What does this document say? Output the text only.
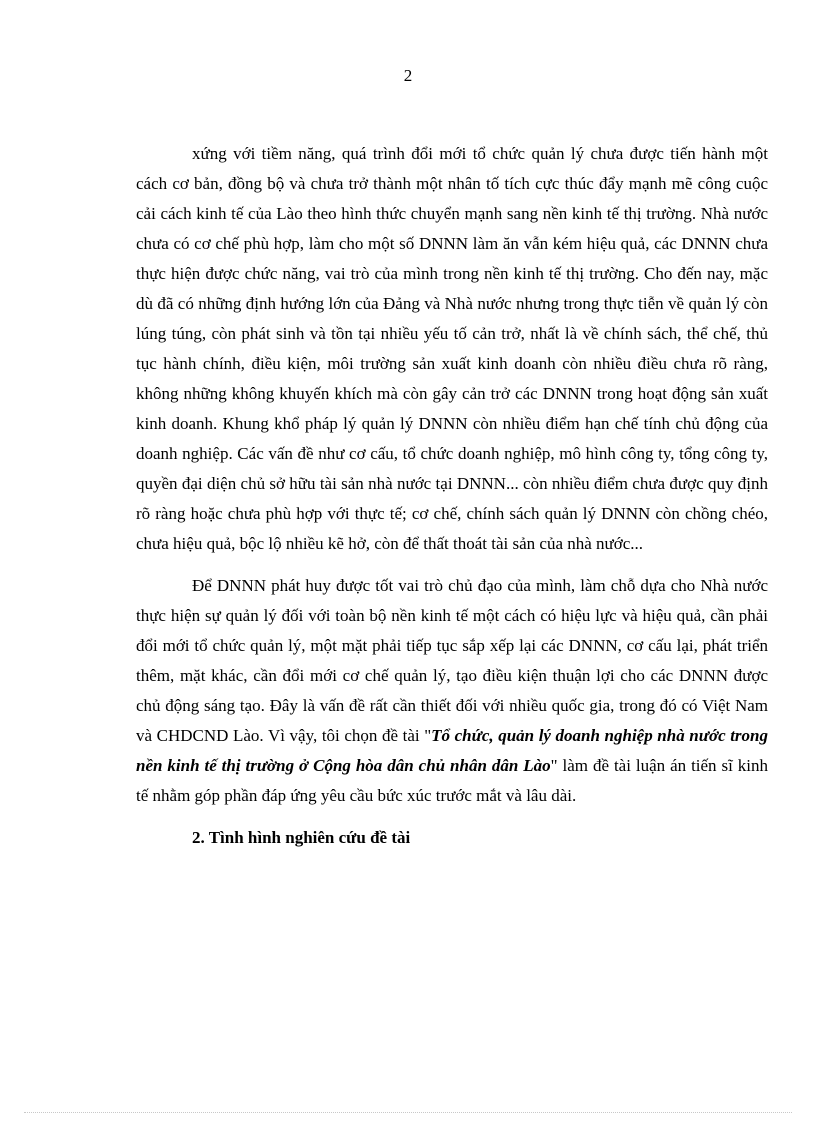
2

xứng với tiềm năng, quá trình đổi mới tổ chức quản lý chưa được tiến hành một cách cơ bản, đồng bộ và chưa trở thành một nhân tố tích cực thúc đẩy mạnh mẽ công cuộc cải cách kinh tế của Lào theo hình thức chuyển mạnh sang nền kinh tế thị trường. Nhà nước chưa có cơ chế phù hợp, làm cho một số DNNN làm ăn vẫn kém hiệu quả, các DNNN chưa thực hiện được chức năng, vai trò của mình trong nền kinh tế thị trường. Cho đến nay, mặc dù đã có những định hướng lớn của Đảng và Nhà nước nhưng trong thực tiễn về quản lý còn lúng túng, còn phát sinh và tồn tại nhiều yếu tố cản trở, nhất là về chính sách, thể chế, thủ tục hành chính, điều kiện, môi trường sản xuất kinh doanh còn nhiều điều chưa rõ ràng, không những không khuyến khích mà còn gây cản trở các DNNN trong hoạt động sản xuất kinh doanh. Khung khổ pháp lý quản lý DNNN còn nhiều điểm hạn chế tính chủ động của doanh nghiệp. Các vấn đề như cơ cấu, tổ chức doanh nghiệp, mô hình công ty, tổng công ty, quyền đại diện chủ sở hữu tài sản nhà nước tại DNNN... còn nhiều điểm chưa được quy định rõ ràng hoặc chưa phù hợp với thực tế; cơ chế, chính sách quản lý DNNN còn chồng chéo, chưa hiệu quả, bộc lộ nhiều kẽ hở, còn để thất thoát tài sản của nhà nước...

Để DNNN phát huy được tốt vai trò chủ đạo của mình, làm chỗ dựa cho Nhà nước thực hiện sự quản lý đối với toàn bộ nền kinh tế một cách có hiệu lực và hiệu quả, cần phải đổi mới tổ chức quản lý, một mặt phải tiếp tục sắp xếp lại các DNNN, cơ cấu lại, phát triển thêm, mặt khác, cần đổi mới cơ chế quản lý, tạo điều kiện thuận lợi cho các DNNN được chủ động sáng tạo. Đây là vấn đề rất cần thiết đối với nhiều quốc gia, trong đó có Việt Nam và CHDCND Lào. Vì vậy, tôi chọn đề tài "Tổ chức, quản lý doanh nghiệp nhà nước trong nền kinh tế thị trường ở Cộng hòa dân chủ nhân dân Lào" làm đề tài luận án tiến sĩ kinh tế nhằm góp phần đáp ứng yêu cầu bức xúc trước mắt và lâu dài.

2. Tình hình nghiên cứu đề tài
